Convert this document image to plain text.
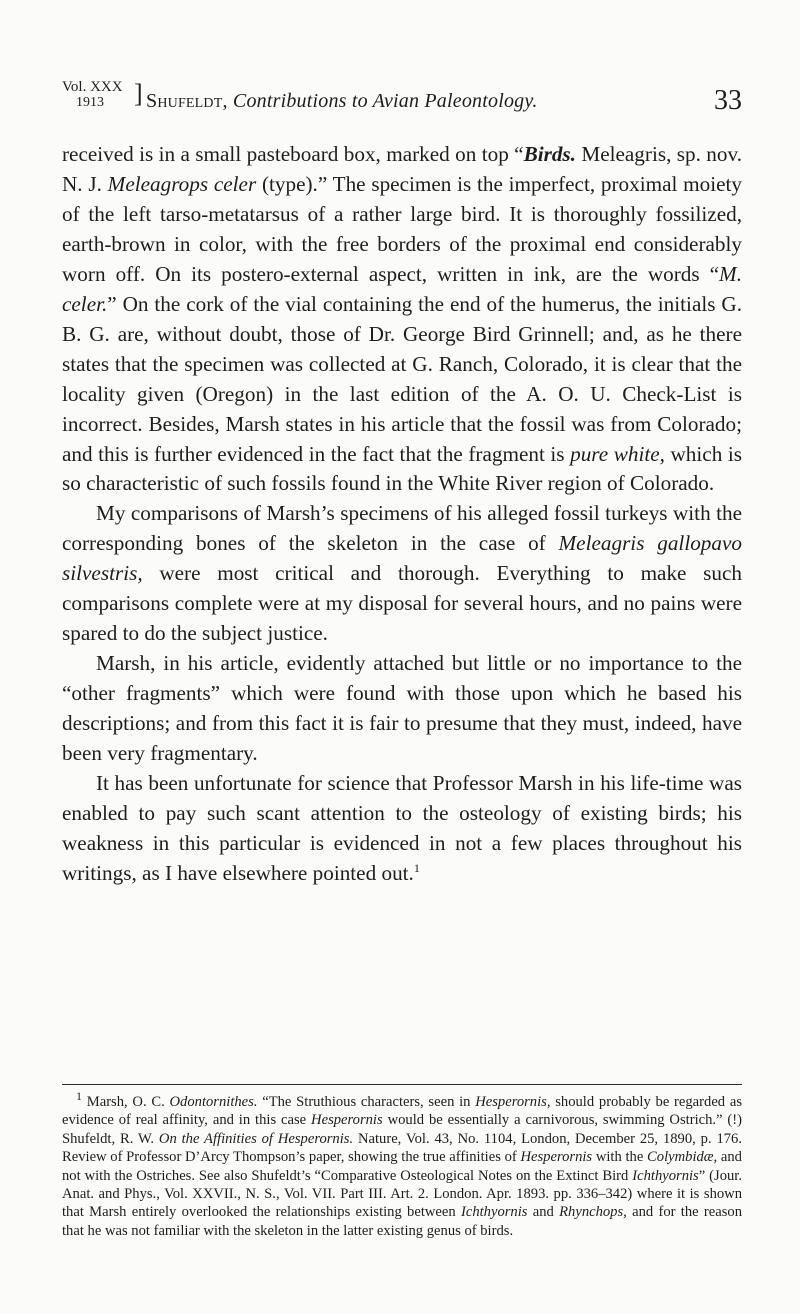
Vol. XXX
1913 ] Shufeldt, Contributions to Avian Paleontology.	33

received is in a small pasteboard box, marked on top “Birds. Meleagris, sp. nov. N. J. Meleagrops celer (type).” The specimen is the imperfect, proximal moiety of the left tarso-metatarsus of a rather large bird. It is thoroughly fossilized, earth-brown in color, with the free borders of the proximal end considerably worn off. On its postero-external aspect, written in ink, are the words “M. celer.” On the cork of the vial containing the end of the humerus, the initials G. B. G. are, without doubt, those of Dr. George Bird Grinnell; and, as he there states that the specimen was collected at G. Ranch, Colorado, it is clear that the locality given (Oregon) in the last edition of the A. O. U. Check-List is incorrect. Besides, Marsh states in his article that the fossil was from Colorado; and this is further evidenced in the fact that the fragment is pure white, which is so characteristic of such fossils found in the White River region of Colorado.

My comparisons of Marsh’s specimens of his alleged fossil turkeys with the corresponding bones of the skeleton in the case of Meleagris gallopavo silvestris, were most critical and thorough. Everything to make such comparisons complete were at my disposal for several hours, and no pains were spared to do the subject justice.

Marsh, in his article, evidently attached but little or no importance to the “other fragments” which were found with those upon which he based his descriptions; and from this fact it is fair to presume that they must, indeed, have been very fragmentary.

It has been unfortunate for science that Professor Marsh in his life-time was enabled to pay such scant attention to the osteology of existing birds; his weakness in this particular is evidenced in not a few places throughout his writings, as I have elsewhere pointed out.$^1$

$^1$ Marsh, O. C. Odontornithes. “The Struthious characters, seen in Hesperornis, should probably be regarded as evidence of real affinity, and in this case Hesperornis would be essentially a carnivorous, swimming Ostrich.” (!) Shufeldt, R. W. On the Affinities of Hesperornis. Nature, Vol. 43, No. 1104, London, December 25, 1890, p. 176. Review of Professor D’Arcy Thompson’s paper, showing the true affinities of Hesperornis with the Colymbidæ, and not with the Ostriches. See also Shufeldt’s “Comparative Osteological Notes on the Extinct Bird Ichthyornis” (Jour. Anat. and Phys., Vol. XXVII., N. S., Vol. VII. Part III. Art. 2. London. Apr. 1893. pp. 336–342) where it is shown that Marsh entirely overlooked the relationships existing between Ichthyornis and Rhynchops, and for the reason that he was not familiar with the skeleton in the latter existing genus of birds.
